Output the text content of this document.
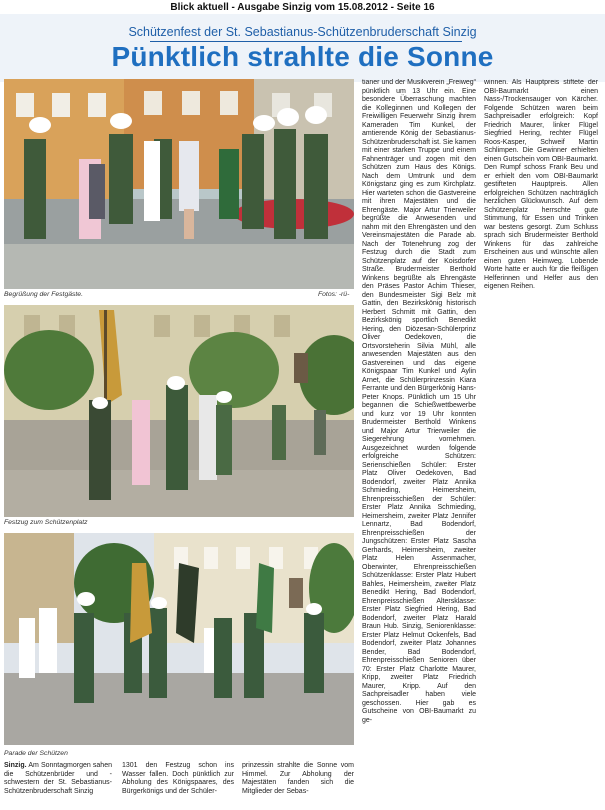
Blick aktuell - Ausgabe Sinzig vom 15.08.2012 - Seite 16
Schützenfest der St. Sebastianus-Schützenbruderschaft Sinzig
Pünktlich strahlte die Sonne
Begrüßung der Festgäste.	Fotos: -rü-
Festzug zum Schützenplatz
Parade der Schützen

Sinzig. Am Sonntagmorgen sahen die Schützenbrüder und -schwestern der St. Sebastianus-Schützenbruderschaft Sinzig

1301 den Festzug schon ins Wasser fallen. Doch pünktlich zur Abholung des Königspaares, des Bürgerkönigs und der Schüler-

prinzessin strahlte die Sonne vom Himmel. Zur Abholung der Majestäten fanden sich die Mitglieder der Sebas-

tianer und der Musikverein „Freiweg“ pünktlich um 13 Uhr ein. Eine besondere Überraschung machten die Kolleginnen und Kollegen der Freiwilligen Feuerwehr Sinzig ihrem Kameraden Tim Kunkel, der amtierende König der Sebastianus-Schützenbruderschaft ist. Sie kamen mit einer starken Truppe und einem Fahnenträger und zogen mit den Schützen zum Haus des Königs. Nach dem Umtrunk und dem Königstanz ging es zum Kirchplatz. Hier warteten schon die Gastvereine mit ihren Majestäten und die Ehrengäste. Major Artur Trierweiler begrüßte die Anwesenden und nahm mit den Ehrengästen und den Vereinsmajestäten die Parade ab. Nach der Totenehrung zog der Festzug durch die Stadt zum Schützenplatz auf der Koisdorfer Straße. Brudermeister Berthold Winkens begrüßte als Ehrengäste den Präses Pastor Achim Thieser, den Bundesmeister Sigi Belz mit Gattin, den Bezirkskönig historisch Herbert Schmitt mit Gattin, den Bezirkskönig sportlich Benedikt Hering, den Diözesan-Schülerprinz Oliver Oedekoven, die Ortsvorsteherin Silvia Mühl, alle anwesenden Majestäten aus den Gastvereinen und das eigene Königspaar Tim Kunkel und Aylin Arnet, die Schülerprinzessin Kiara Ferrante und den Bürgerkönig Hans-Peter Knops. Pünktlich um 15 Uhr begannen die Schießwettbewerbe und kurz vor 19 Uhr konnten Brudermeister Berthold Winkens und Major Artur Trierweiler die Siegerehrung vornehmen. Ausgezeichnet wurden folgende erfolgreiche Schützen: Serienschießen Schüler: Erster Platz Oliver Oedekoven, Bad Bodendorf, zweiter Platz Annika Schmieding, Heimersheim, Ehrenpreisschießen der Schüler: Erster Platz Annika Schmieding, Heimersheim, zweiter Platz Jennifer Lennartz, Bad Bodendorf, Ehrenpreisschießen der Jungschützen: Erster Platz Sascha Gerhards, Heimersheim, zweiter Platz Helen Assenmacher, Oberwinter, Ehrenpreisschießen Schützenklasse: Erster Platz Hubert Bahles, Heimersheim, zweiter Platz Benedikt Hering, Bad Bodendorf, Ehrenpreisschießen Altersklasse: Erster Platz Siegfried Hering, Bad Bodendorf, zweiter Platz Harald Braun Hub. Sinzig, Seniorenklasse: Erster Platz Helmut Ockenfels, Bad Bodendorf, zweiter Platz Johannes Bender, Bad Bodendorf, Ehrenpreisschießen Senioren über 70: Erster Platz Charlotte Maurer, Kripp, zweiter Platz Friedrich Maurer, Kripp. Auf den Sachpreisadler haben viele geschossen. Hier gab es Gutscheine von OBI-Baumarkt zu ge-

winnen. Als Hauptpreis stiftete der OBI-Baumarkt einen Nass-/Trockensauger von Kärcher. Folgende Schützen waren beim Sachpreisadler erfolgreich: Kopf Friedrich Maurer, linker Flügel Siegfried Hering, rechter Flügel Roos-Kasper, Schweif Martin Schlimpen. Die Gewinner erhielten einen Gutschein vom OBI-Baumarkt. Den Rumpf schoss Frank Beu und er erhielt den vom OBI-Baumarkt gestifteten Hauptpreis. Allen erfolgreichen Schützen nachträglich herzlichen Glückwunsch. Auf dem Schützenplatz herrschte gute Stimmung, für Essen und Trinken war bestens gesorgt. Zum Schluss sprach sich Brudermeister Berthold Winkens für das zahlreiche Erscheinen aus und wünschte allen einen guten Heimweg. Lobende Worte hatte er auch für die fleißigen Helferinnen und Helfer aus den eigenen Reihen.
